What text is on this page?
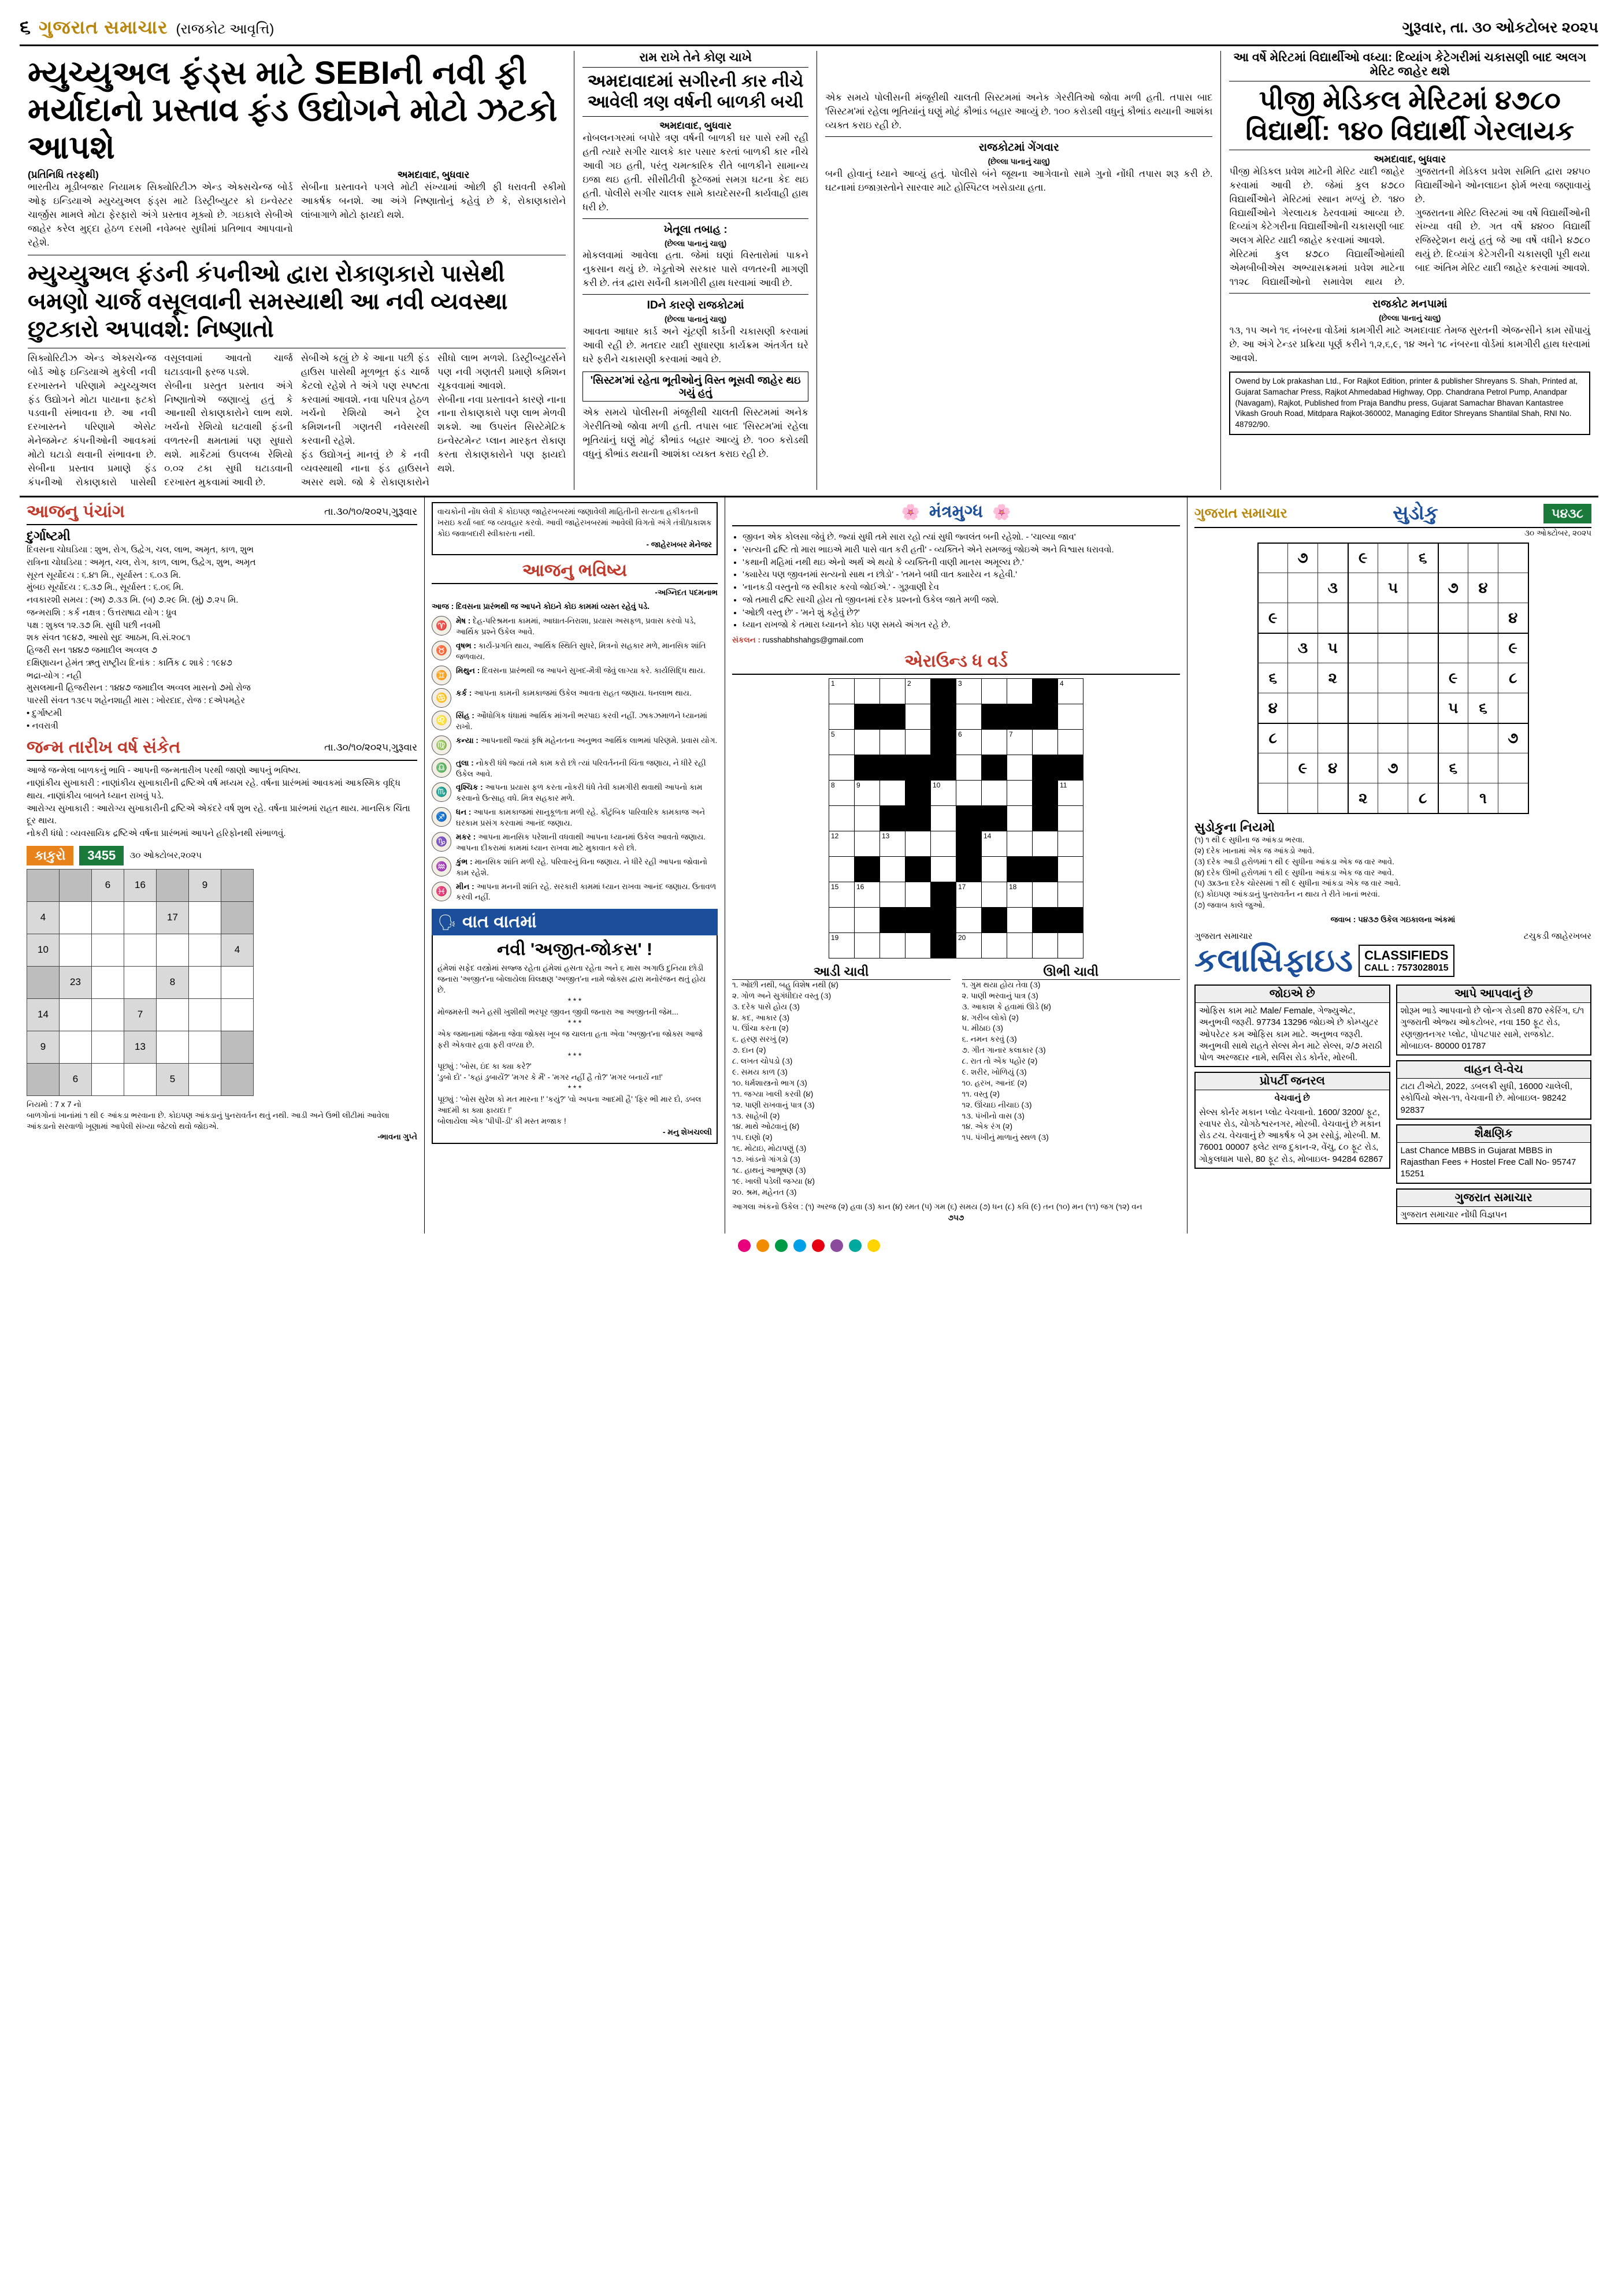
૬ ગુજરાત સમાચાર (રાજકોટ આવૃત્તિ)	ગુરૂવાર, તા. ૩૦ ઓકટોબર ૨૦૨૫
મ્યુચ્યુઅલ ફંડ્સ માટે SEBIની નવી ફી મર્યાદાનો પ્રસ્તાવ ફંડ ઉદ્યોગને મોટો ઝટકો આપશે
(પ્રતિનિધિ તરફથી)
ભારતીય મૂડીબજાર નિયામક સિક્યોરિટીઝ એન્ડ એક્સચેન્જ બોર્ડ ઓફ ઇન્ડિયાએ મ્યુચ્યુઅલ ફંડ્સ માટે ડિસ્ટ્રીબ્યુટર કો ઇન્વેસ્ટર ચાર્જીસ મામલે મોટા ફેરફારો અંગે પ્રસ્તાવ મૂક્યો છે. ગઇકાલે સેબીએ જાહેર કરેલ મુદ્દા હેઠળ દસમી નવેમ્બર સુધીમાં પ્રતિભાવ આપવાનો રહેશે.
અમદાવાદ, બુધવાર
સેબીના પ્રસ્તાવને પગલે મોટી સંખ્યામાં ઓછી ફી ધરાવતી સ્કીમો આકર્ષક બનશે. આ અંગે નિષ્ણાતોનું કહેવું છે કે, રોકાણકારોને લાંબાગાળે મોટો ફાયદો થશે.
મ્યુચ્યુઅલ ફંડની કંપનીઓ દ્વારા રોકાણકારો પાસેથી બમણો ચાર્જ વસૂલવાની સમસ્યાથી આ નવી વ્યવસ્થા છુટકારો અપાવશે: નિષ્ણાતો
સિક્યોરિટીઝ એન્ડ એક્સચેન્જ બોર્ડ ઓફ ઇન્ડિયાએ મુકેલી નવી દરખાસ્તને પરિણામે મ્યુચ્યુઅલ ફંડ ઉદ્યોગને મોટા પાયાના ફટકો પડવાની સંભાવના છે. આ નવી દરખાસ્તને પરિણામે એસેટ મેનેજમેન્ટ કંપનીઓની આવકમાં મોટો ઘટાડો થવાની સંભાવના છે. સેબીના પ્રસ્તાવ પ્રમાણે ફંડ કંપનીઓ રોકાણકારો પાસેથી વસૂલવામાં આવતો ચાર્જ ઘટાડવાની ફરજ પડશે.
સેબીના પ્રસ્તુત પ્રસ્તાવ અંગે નિષ્ણાતોએ જણાવ્યું હતું કે આનાથી રોકાણકારોને લાભ થશે. ખર્ચનો રેશિયો ઘટવાથી ફંડની વળતરની ક્ષમતામાં પણ સુધારો થશે. માર્કેટમાં ઉપલબ્ધ રેશિયો ૦.૦૨ ટકા સુધી ઘટાડવાની દરખાસ્ત મુકવામાં આવી છે.
સેબીએ કહ્યું છે કે આના પછી ફંડ હાઉસ પાસેથી મૂળભૂત ફંડ ચાર્જ કેટલો રહેશે તે અંગે પણ સ્પષ્ટતા કરવામાં આવશે. નવા પરિપત્ર હેઠળ ખર્ચનો રેશિયો અને ટ્રેલ કમિશનની ગણતરી નવેસરથી કરવાની રહેશે.
ફંડ ઉદ્યોગનું માનવું છે કે નવી વ્યવસ્થાથી નાના ફંડ હાઉસને અસર થશે. જો કે રોકાણકારોને સીધો લાભ મળશે. ડિસ્ટ્રીબ્યુટર્સને પણ નવી ગણતરી પ્રમાણે કમિશન ચૂકવવામાં આવશે.
સેબીના નવા પ્રસ્તાવને કારણે નાના નાના રોકાણકારો પણ લાભ મેળવી શકશે. આ ઉપરાંત સિસ્ટેમેટિક ઇન્વેસ્ટમેન્ટ પ્લાન મારફત રોકાણ કરતા રોકાણકારોને પણ ફાયદો થશે.
રામ રાખે તેને કોણ ચાખે
અમદાવાદમાં સગીરની કાર નીચે આવેલી ત્રણ વર્ષની બાળકી બચી
અમદાવાદ, બુધવાર
નોબલનગરમાં બપોરે ત્રણ વર્ષની બાળકી ઘર પાસે રમી રહી હતી ત્યારે સગીર ચાલકે કાર પસાર કરતાં બાળકી કાર નીચે આવી ગઇ હતી, પરંતુ ચમત્કારિક રીતે બાળકીને સામાન્ય ઇજા થઇ હતી. સીસીટીવી ફૂટેજમાં સમગ્ર ઘટના કેદ થઇ હતી. પોલીસે સગીર ચાલક સામે કાયદેસરની કાર્યવાહી હાથ ધરી છે.
ખેતૂલા તબાહ :
(છેલ્લા પાનાનું ચાલુ)
મોકલવામાં આવેલા હતા. જેમાં ઘણાં વિસ્તારોમાં પાકને નુકસાન થયું છે. ખેડૂતોએ સરકાર પાસે વળતરની માગણી કરી છે. તંત્ર દ્વારા સર્વેની કામગીરી હાથ ધરવામાં આવી છે.
IDને કારણે રાજકોટમાં
(છેલ્લા પાનાનું ચાલુ)
આવતા આધાર કાર્ડ અને ચૂંટણી કાર્ડની ચકાસણી કરવામાં આવી રહી છે. મતદાર યાદી સુધારણા કાર્યક્રમ અંતર્ગત ઘરે ઘરે ફરીને ચકાસણી કરવામાં આવે છે.
'સિસ્ટમ'માં રહેતા ભૂતીઓનું વિસ્ત ભૂસવી જાહેર થઇ ગયું હતું
એક સમયે પોલીસની મંજૂરીથી ચાલતી સિસ્ટમમાં અનેક ગેરરીતિઓ જોવા મળી હતી. તપાસ બાદ 'સિસ્ટમ'માં રહેલા ભૂતિયાંનું ઘણું મોટું કૌભાંડ બહાર આવ્યું છે. ૧૦૦ કરોડથી વધુનું કૌભાંડ થયાની આશંકા વ્યક્ત કરાઇ રહી છે.
એક સમયે પોલીસની મંજૂરીથી ચાલતી સિસ્ટમમાં અનેક ગેરરીતિઓ જોવા મળી હતી. તપાસ બાદ 'સિસ્ટમ'માં રહેલા ભૂતિયાંનું ઘણું મોટું કૌભાંડ બહાર આવ્યું છે. ૧૦૦ કરોડથી વધુનું કૌભાંડ થયાની આશંકા વ્યક્ત કરાઇ રહી છે.
રાજકોટમાં ગેંગવાર
(છેલ્લા પાનાનું ચાલુ)
બની હોવાનું ધ્યાને આવ્યું હતું. પોલીસે બંને જૂથના આગેવાનો સામે ગુનો નોંધી તપાસ શરૂ કરી છે. ઘટનામાં ઇજાગ્રસ્તોને સારવાર માટે હોસ્પિટલ ખસેડાયા હતા.
આ વર્ષે મેરિટમાં વિદ્યાર્થીઓ વધ્યા: દિવ્યાંગ કેટેગરીમાં ચકાસણી બાદ અલગ મેરિટ જાહેર થશે
પીજી મેડિકલ મેરિટમાં ૪૭૮૦ વિદ્યાર્થી: ૧૪૦ વિદ્યાર્થી ગેરલાયક
અમદાવાદ, બુધવાર
પીજી મેડિકલ પ્રવેશ માટેની મેરિટ યાદી જાહેર કરવામાં આવી છે. જેમાં કુલ ૪૭૮૦ વિદ્યાર્થીઓને મેરિટમાં સ્થાન મળ્યું છે. ૧૪૦ વિદ્યાર્થીઓને ગેરલાયક ઠેરવવામાં આવ્યા છે. દિવ્યાંગ કેટેગરીના વિદ્યાર્થીઓની ચકાસણી બાદ અલગ મેરિટ યાદી જાહેર કરવામાં આવશે.
મેરિટમાં કુલ ૪૭૮૦ વિદ્યાર્થીઓમાંથી એમબીબીએસ અભ્યાસક્રમમાં પ્રવેશ માટેના ૧૧૨૮ વિદ્યાર્થીઓનો સમાવેશ થાય છે. ગુજરાતની મેડિકલ પ્રવેશ સમિતિ દ્વારા ૨૪૫૦ વિદ્યાર્થીઓને ઓનલાઇન ફોર્મ ભરવા જણાવાયું છે.
ગુજરાતના મેરિટ લિસ્ટમાં આ વર્ષે વિદ્યાર્થીઓની સંખ્યા વધી છે. ગત વર્ષે ૪૪૦૦ વિદ્યાર્થી રજિસ્ટ્રેશન થયું હતું જે આ વર્ષે વધીને ૪૭૮૦ થયું છે. દિવ્યાંગ કેટેગરીની ચકાસણી પૂરી થયા બાદ અંતિમ મેરિટ યાદી જાહેર કરવામાં આવશે.
રાજકોટ મનપામાં
(છેલ્લા પાનાનું ચાલુ)
૧૩, ૧૫ અને ૧૬ નંબરના વોર્ડમાં કામગીરી માટે અમદાવાદ તેમજ સુરતની એજન્સીને કામ સોંપાયું છે. આ અંગે ટેન્ડર પ્રક્રિયા પૂર્ણ કરીને ૧,૨,૬,૯, ૧૪ અને ૧૮ નંબરના વોર્ડમાં કામગીરી હાથ ધરવામાં આવશે.
Owend by Lok prakashan Ltd., For Rajkot Edition, printer & publisher Shreyans S. Shah, Printed at, Gujarat Samachar Press, Rajkot Ahmedabad Highway, Opp. Chandrana Petrol Pump, Anandpar (Navagam), Rajkot, Published from Praja Bandhu press, Gujarat Samachar Bhavan Kantastree Vikash Grouh Road, Mitdpara Rajkot-360002, Managing Editor Shreyans Shantilal Shah, RNI No. 48792/90.
આજનુ પંચાંગ	તા.૩૦/૧૦/૨૦૨૫,ગુરૂવાર
દુર્ગાષ્ટમી
દિવસના ચોઘડિયા : શુભ, રોગ, ઉદ્વેગ, ચલ, લાભ, અમૃત, કાળ, શુભ
રાત્રિના ચોઘડિયા : અમૃત, ચલ, રોગ, કાળ, લાભ, ઉદ્વેગ, શુભ, અમૃત
સૂરત સૂર્યોદય : ૬.૪૧ મિ., સૂર્યાસ્ત : ૬.૦૩ મિ.
મુંબઇ સૂર્યોદય : ૬.૩૭ મિ., સૂર્યાસ્ત : ૬.૦૬ મિ.
નવકારશી સમય : (અ) ૭.૩૩ મિ. (બ) ૭.૨૯ મિ. (મું) ૭.૨૫ મિ.
જન્મરાશિ : કર્ક નક્ષત્ર : ઉત્તરાષાઢા યોગ : ધ્રુવ
પક્ષ : શુક્લ ૧૨.૩૭ મિ. સુધી પછી નવમી
શક સંવત ૧૯૪૭, આસો સુદ આઠમ, વિ.સં.૨૦૮૧
હિજરી સન ૧૪૪૭ જમાદીલ અવ્વલ ૭
દક્ષિણાયન હેમંત ઋતુ રાષ્ટ્રીય દિનાંક : કાર્તિક ૮ શાકે : ૧૯૪૭
ભદ્રા-યોગ : નહી
મુસલમાની હિજરીસન : ૧૪૪૭ જમાદીલ અવ્વલ માસનો ૭મો રોજ
પારસી સંવત ૧૩૯૫ શહેનશાહી માસ : ખોરદાદ, રોજ : દએપમહેર
• દુર્ગાષ્ટમી
• નવરાત્રી
જન્મ તારીખ વર્ષ સંકેત	તા.૩૦/૧૦/૨૦૨૫,ગુરૂવાર
આજે જન્મેલા બાળકનું ભાવિ - આપની જન્મતારીખ પરથી જાણો આપનું ભવિષ્ય.
નાણાંકીય સુખાકારી : નાણાંકીય સુખાકારીની દ્રષ્ટિએ વર્ષ મધ્યમ રહે. વર્ષના પ્રારંભમાં આવકમાં આકસ્મિક વૃદ્ધિ થાય. નાણાંકીય બાબતે ધ્યાન રાખવું પડે.
આરોગ્ય સુખાકારી : આરોગ્ય સુખાકારીની દ્રષ્ટિએ એકંદરે વર્ષ શુભ રહે. વર્ષના પ્રારંભમાં રાહત થાય. માનસિક ચિંતા દૂર થાય.
નોકરી ધંધો : વ્યવસાયિક દ્રષ્ટિએ વર્ષના પ્રારંભમાં આપને હરિફોનથી સંભાળવું.
કાકુરો	3455	૩૦ ઓક્ટોબર,૨૦૨૫
		6	16		9	
4				17		
10						4
	23			8		
14			7			
9			13			
	6			5		
નિયમો : 7 x 7 નો
બાળગોનાં ખાનાંમાં ૧ થી ૯ આંકડા ભરવાના છે. કોઇપણ આંકડાનું પુનરાવર્તન થતું નથી. આડી અને ઉભી લીટીમાં આવેલા આંકડાનો સરવાળો ખૂણામાં આપેલી સંખ્યા જેટલો થવો જોઇએ.
-ભાવના ગુપ્તે
વાચકોની નોંધ લેવી કે કોઇપણ જાહેરખબરમાં જણાવેલી માહિતીની સત્યતા હકીકતની ખરાઇ કર્યા બાદ જ વ્યવહાર કરવો. આવી જાહેરખબરમાં આવેલી વિગતો અંગે તંત્રી/પ્રકાશક કોઇ જવાબદારી સ્વીકારતા નથી.
- જાહેરખબર મેનેજર
આજનુ ભવિષ્ય
-અગ્નિદત પદમનાભ
આજ : દિવસના પ્રારંભથી જ આપને કોઇને કોઇ કામમાં વ્યસ્ત રહેવું પડે.
♈
મેષ : દેહ-પરિશ્રમના કામમાં, આઘાત-નિરાશા, પ્રયાસ અસફળ, પ્રવાસ કરવો પડે, આર્થિક પ્રશ્ને ઉકેલ આવે.
♉
વૃષભ : કાર્ય-પ્રગતિ થાય, આર્થિક સ્થિતિ સુધરે, મિત્રનો સહકાર મળે, માનસિક શાંતિ જળવાય.
♊
મિથુન : દિવસના પ્રારંભથી જ આપને સુખદ-મૈત્રી જેવું લાગ્યા કરે. કાર્યસિદ્ધિ થાય.
♋
કર્ક : આપના કામની કામકાજમાં ઉકેલ આવતા રાહત જણાય. ધનલાભ થાય.
♌
સિંહ : ઔધોગિક ધંધામાં આર્થિક માંગની ભરપાઇ કરવી નહીં. ઝાકઝમાળને ધ્યાનમાં રાખો.
♍
કન્યા : આપનાથી જ્યાં કૃષિ મહેનતના અનુભવ આર્થિક લાભમાં પરિણમે. પ્રવાસ યોગ.
♎
તુલા : નોકરી ધંધે જ્યાં તમે કામ કરો છો ત્યાં પરિવર્તનની ચિંતા જણાય, ને ધીરે રહી ઉકેલ આવે.
♏
વૃશ્ચિક : આપના પ્રયાસ ફળ કરતા નોકરી ધંધે તેવી કામગીરી થવાથી આપનો કામ કરવાનો ઉત્સાહ વધે. મિત્ર સહકાર મળે.
♐
ધન : આપના કામકાજમાં સાનુકૂળતા મળી રહે. કૌટુંબિક પારિવારિક કામકાજ અને ઘરકામ પ્રસંગ કરવામાં આનંદ જણાય.
♑
મકર : આપના માનસિક પરેશાની વધવાથી આપના ધ્યાનમાં ઉકેલ આવતો જણાય. આપના દીકરામાં કામમાં ધ્યાન રાખવા માટે મુકાવાત કરો છો.
♒
કુંભ : માનસિક શાંતિ મળી રહે. પરિવારનું વિના જણાય. ને ધીરે રહી આપના જોવાનો કામ રહેશે.
♓
મીન : આપના મનની શાંતિ રહે. સરકારી કામમાં ધ્યાન રાખવા આનંદ જણાય. ઉતાવળ કરવી નહીં.
🗣 વાત વાતમાં
નવી 'અજીત-જોકસ' !
હંમેશાં સફેદ વસ્ત્રોમાં સજ્જ રહેતા હંમેશાં હસતા રહેતા અને ૬ માસ અગાઉ દુનિયા છોડી જનારા 'અજીત'ના બોલાયેલા વિલક્ષણ 'અજીત'ના નામે જોક્સ દ્વારા મનોરંજન થતું હોય છે.
* * *
મોજમસ્તી અને હસી ખુશીથી ભરપૂર જીવન જીવી જનારા આ અજીતની જેમ...
* * *
એક જમાનામાં જેમના જેવા જોક્સ ખૂબ જ ચાલતા હતા એવા 'અજીત'ના જોક્સ આજે ફરી એકવાર હવા ફરી વળ્યા છે.
* * *
પૂછ્યું : 'બોસ, ઇંદ કા ક્યા કરે?'
'ડુબો દો' - 'કહાં ડુબાયેં?' 'મગર કે મૈં' - 'મગર નહીં હૈ તો?' 'મગર બનાયેં ના!'
* * *
પૂછ્યું : 'બોસ સુરેશ કો મત મારના !' 'કયું?' 'વો અપના આદમી હૈ' 'ફિર ભી માર દો, ડબલ આદમી કા ક્યા ફાયદા !'
બોલાયેલા એક 'પીપી-ડી' કી મસ્ત મજાક !
- મનુ શેખચલ્લી
🌸 મંત્રમુગ્ધ 🌸
• જીવન એક કોલસા જેવું છે. જ્યાં સુધી તમે સારા રહો ત્યાં સુધી જ્વલંત બની રહેશો. - 'ચાલ્યા જાવ'
• 'સત્યની દ્રષ્ટિ તો મારા ભાઇએ મારી પાસે વાત કરી હતી' - વ્યક્તિને એને સમજવું જોઇએ અને વિશ્વાસ ધરાવવો.
• 'કથાની મહિમાં નથી થઇ એનો અર્થ એ થયો કે વ્યક્તિની વાણી માનસ અમૂલ્ય છે.'
• 'ક્યારેય પણ જીવનમાં સત્યનો સાથ ન છોડો' - 'તમને બધી વાત ક્યારેય ન કહેવી.'
• 'નાનકડી વસ્તુનો જ સ્વીકાર કરવો જોઈએ.' - ગુરૂવાણી દેવ
• જો તમારી દ્રષ્ટિ સાચી હોય તો જીવનમાં દરેક પ્રશ્નનો ઉકેલ જાતે મળી જશે.
• 'ઓછી વસ્તુ છે' - 'મને શું કહેવું છે?'
• ધ્યાન રાખજો કે તમારા ધ્યાનને કોઇ પણ સમયે અંગત રહે છે.
સંકલન : russhabhshahgs@gmail.com
એરાઉન્ડ ધ વર્ડ
1			2		3				4

5					6		7		

8	9			10					11

12		13				14			

15	16				17		18		

19					20				

આડી ચાવી
૧. ઓછી નથી, બહુ વિશેષ નથી (૪)
૨. ગોળ અને સુગંધીદાર વસ્તુ (૩)
૩. દરેક પાસે હોય (૩)
૪. કદ, આકાર (૩)
૫. ઊંચા કરતા (૨)
૬. હરણ સરખું (૨)
૭. દાન (૨)
૮. લખત ચોપડો (૩)
૯. સમય કાળ (૩)
૧૦. ધર્મશાસ્ત્રનો ભાગ (૩)
૧૧. જગ્યા ખાલી કરવી (૪)
૧૨. પાણી રાખવાનું પાત્ર (૩)
૧૩. સાહેબી (૨)
૧૪. માથે ઓઢવાનું (૪)
૧૫. દાણો (૨)
૧૬. મોટાઇ, મોટાપણું (૩)
૧૭. ખાંડનો ગાંગડો (૩)
૧૮. હાથનું આભૂષણ (૩)
૧૯. ખાલી પડેલી જગ્યા (૪)
૨૦. શ્રમ, મહેનત (૩)
ઊભી ચાવી
૧. ગુમ થયા હોય તેવા (૩)
૨. પાણી ભરવાનું પાત્ર (૩)
૩. આકાશ કે હવામાં ઊડે (૪)
૪. ગરીબ લોકો (૨)
૫. મીઠાઇ (૩)
૬. નમન કરવું (૩)
૭. ગીત ગાનાર કલાકાર (૩)
૮. રાત તો એક પહોર (૨)
૯. શરીર, ખોળિયું (૩)
૧૦. હરખ, આનંદ (૨)
૧૧. વસ્તુ (૨)
૧૨. ઊંચાઇ નીચાઇ (૩)
૧૩. પંખીનો વાસ (૩)
૧૪. એક રંગ (૨)
૧૫. પંખીનું માળાનું સ્થળ (૩)
આગલા અંકનો ઉકેલ : (૧) અરજ (૨) હવા (૩) કાન (૪) રમત (૫) ગમ (૬) સમય (૭) ધન (૮) કવિ (૯) તન (૧૦) મન (૧૧) જગ (૧૨) વન
૭૫૭
ગુજરાત સમાચાર	સુડોકુ	૫૪૩૮
૩૦ ઓક્ટોબર, ૨૦૨૫
	૭		૯		૬			
		૩		૫		૭	૪	
૯								૪
	૩	૫						૯
૬		૨				૯		૮
૪						૫	૬	
૮								૭
	૯	૪		૭		૬		
			૨		૮		૧	
સુડોકુના નિયમો
(૧) ૧ થી ૯ સુધીના જ આંકડા ભરવા.
(૨) દરેક ખાનામાં એક જ આંકડો આવે.
(૩) દરેક આડી હરોળમાં ૧ થી ૯ સુધીના આંકડા એક જ વાર આવે.
(૪) દરેક ઊભી હરોળમાં ૧ થી ૯ સુધીના આંકડા એક જ વાર આવે.
(૫) ૩x૩ના દરેક ચોરસમાં ૧ થી ૯ સુધીના આંકડા એક જ વાર આવે.
(૬) કોઇપણ આંકડાનું પુનરાવર્તન ન થાય તે રીતે ખાનાં ભરવાં.
(૭) જવાબ કાલે જુઓ.
જવાબ : ૫૪૩૭ ઉકેલ ગઇકાલના અંકમાં
ગુજરાત સમાચાર	ટચુકડી જાહેરખબર
કલાસિફાઇડ CLASSIFIEDS
CALL : 7573028015
જોઇએ છે

ઓફિસ કામ માટે Male/ Female, ગેજ્યુએટ, અનુભવી જરૂરી. 97734 13296 જોઇએ છે કોમ્પ્યુટર ઓપરેટર કમ ઓફિસ કામ માટે. અનુભવ જરૂરી. અનુભવી સાથે રાહતે સેલ્સ મેન માટે સેલ્સ, ૨/૭ મરાઠી પોળ અરજદાર નામે, સર્વિસ રોડ કોર્નર, મોરબી.

પ્રોપર્ટી જનરલ

વેચવાનું છે

સેલ્સ કોર્નર મકાન પ્લોટ વેચવાનો. 1600/ 3200/ ફૂટ, રવાપર રોડ, ચોગઠેશ્વરનગર, મોરબી. વેચવાનું છે મકાન રોડ ટચ. વેચવાનું છે આકર્ષક બે રૂમ રસોડું, મોરબી. M. 76001 00007 ફ્લેટ રાજ દુકાન-૨, વેંચુ, ૮૦ ફૂટ રોડ, ગોકુલધામ પાસે, 80 ફૂટ રોડ, મોબાઇલ- 94284 62867

આપે આપવાનું છે

શોરૂમ ભાડે આપવાનો છે લોન્ગ રોડથી 870 સ્કેરિંગ, ૬/૧ ગુજરાતી એજ્ય ઓકટોબર, નવા 150 ફૂટ રોડ, રણજીતનગર પ્લોટ, પોપટપાર સામે, રાજકોટ. મોબાઇલ- 80000 01787

વાહન લે-વેચ

ટાટા ટીએટો, 2022, ડબલક્રી સુધી, 16000 ચાલેલી, સ્કોર્પિયો એસ-૧૧, વેચવાની છે. મોબાઇલ- 98242 92837

શૈક્ષણિક

Last Chance MBBS in Gujarat MBBS in Rajasthan Fees + Hostel Free Call No- 95747 15251

ગુજરાત સમાચાર

ગુજરાત સમાચાર નોંધી વિજ્ઞપન
